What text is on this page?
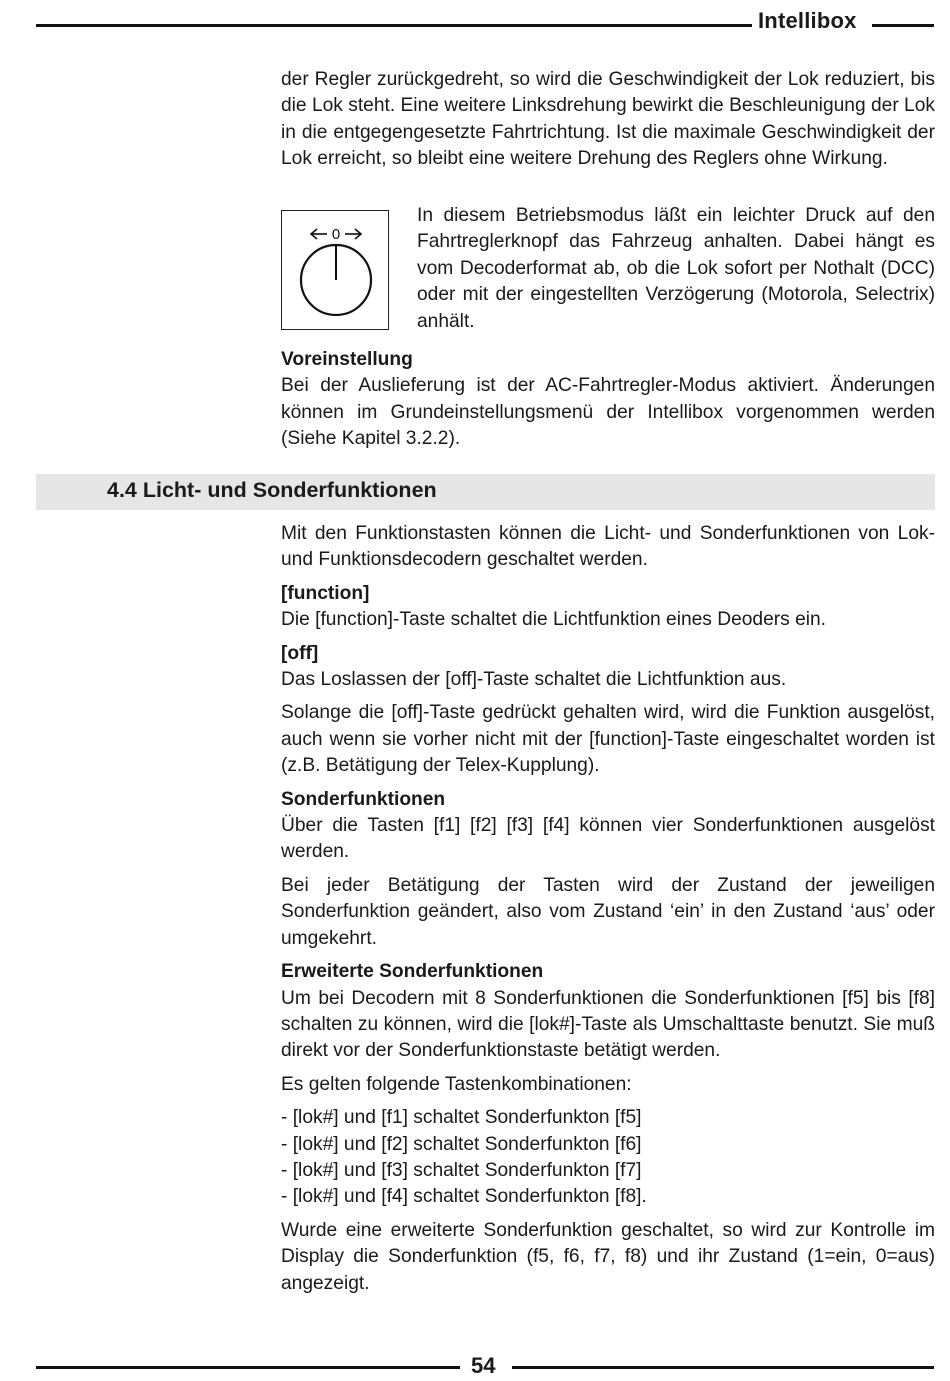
Intellibox

der Regler zurückgedreht, so wird die Geschwindigkeit der Lok reduziert, bis die Lok steht. Eine weitere Linksdrehung bewirkt die Beschleunigung der Lok in die entgegengesetzte Fahrtrichtung. Ist die maximale Geschwindigkeit der Lok erreicht, so bleibt eine weitere Drehung des Reglers ohne Wirkung.

0

In diesem Betriebsmodus läßt ein leichter Druck auf den Fahrtreglerknopf das Fahrzeug anhalten. Dabei hängt es vom Decoderformat ab, ob die Lok sofort per Nothalt (DCC) oder mit der eingestellten Verzögerung (Motorola, Selectrix) anhält.

Voreinstellung

Bei der Auslieferung ist der AC-Fahrtregler-Modus aktiviert. Änderungen können im Grundeinstellungsmenü der Intellibox vorgenommen werden (Siehe Kapitel 3.2.2).

4.4 Licht- und Sonderfunktionen

Mit den Funktionstasten können die Licht- und Sonderfunktionen von Lok- und Funktionsdecodern geschaltet werden.

[function]

Die [function]-Taste schaltet die Lichtfunktion eines Deoders ein.

[off]

Das Loslassen der [off]-Taste schaltet die Lichtfunktion aus.

Solange die [off]-Taste gedrückt gehalten wird, wird die Funktion ausgelöst, auch wenn sie vorher nicht mit der [function]-Taste eingeschaltet worden ist (z.B. Betätigung der Telex-Kupplung).

Sonderfunktionen

Über die Tasten [f1] [f2] [f3] [f4] können vier Sonderfunktionen ausgelöst werden.

Bei jeder Betätigung der Tasten wird der Zustand der jeweiligen Sonderfunktion geändert, also vom Zustand ‘ein’ in den Zustand ‘aus’ oder umgekehrt.

Erweiterte Sonderfunktionen

Um bei Decodern mit 8 Sonderfunktionen die Sonderfunktionen [f5] bis [f8] schalten zu können, wird die [lok#]-Taste als Umschalttaste benutzt. Sie muß direkt vor der Sonderfunktionstaste betätigt werden.

Es gelten folgende Tastenkombinationen:

- [lok#] und [f1] schaltet Sonderfunkton [f5]
- [lok#] und [f2] schaltet Sonderfunkton [f6]
- [lok#] und [f3] schaltet Sonderfunkton [f7]
- [lok#] und [f4] schaltet Sonderfunkton [f8].

Wurde eine erweiterte Sonderfunktion geschaltet, so wird zur Kontrolle im Display die Sonderfunktion (f5, f6, f7, f8) und ihr Zustand (1=ein, 0=aus) angezeigt.

54
